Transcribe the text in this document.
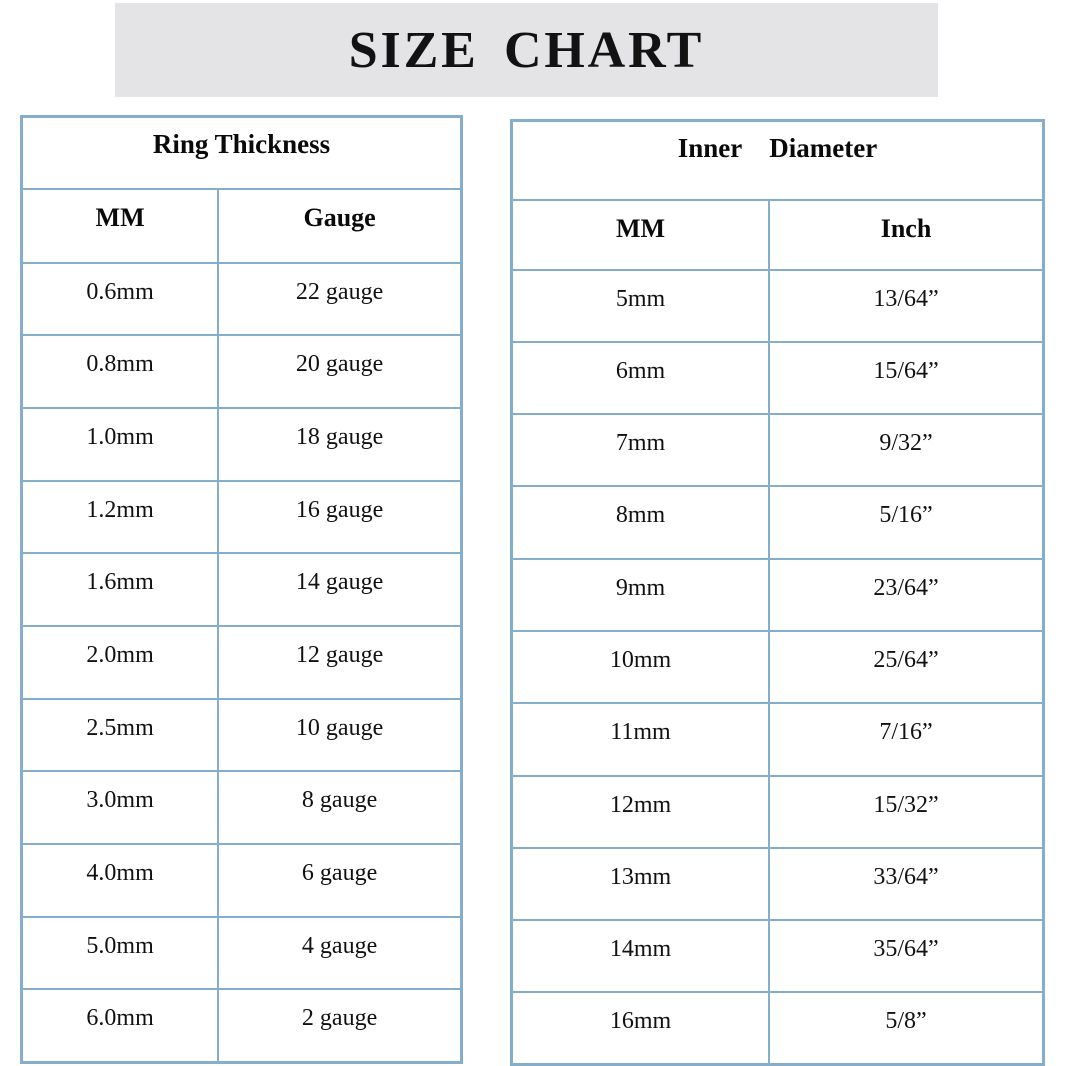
SIZE CHART
Ring Thickness	
MM	Gauge
0.6mm	22 gauge
0.8mm	20 gauge
1.0mm	18 gauge
1.2mm	16 gauge
1.6mm	14 gauge
2.0mm	12 gauge
2.5mm	10 gauge
3.0mm	8 gauge
4.0mm	6 gauge
5.0mm	4 gauge
6.0mm	2 gauge
Inner    Diameter	
MM	Inch
5mm	13/64”
6mm	15/64”
7mm	9/32”
8mm	5/16”
9mm	23/64”
10mm	25/64”
11mm	7/16”
12mm	15/32”
13mm	33/64”
14mm	35/64”
16mm	5/8”
